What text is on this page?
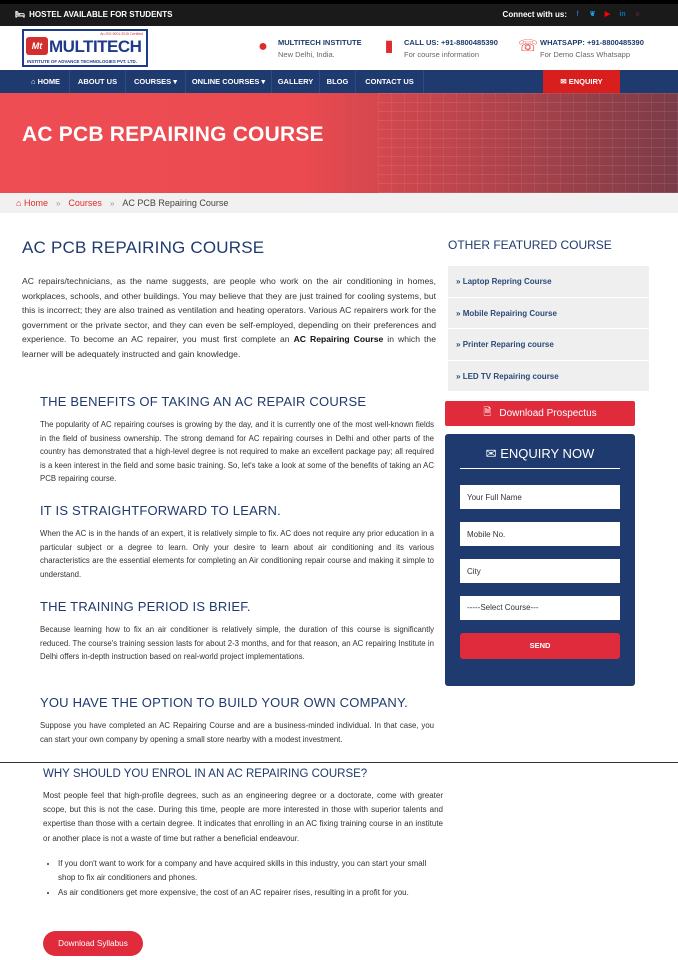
🛏 HOSTEL AVAILABLE FOR STUDENTS	Connect with us:	f	❦ ▶ in	○
An ISO 9001:2015 Certified
Mt MULTITECH
INSTITUTE OF ADVANCE TECHNOLOGIES PVT. LTD.
● MULTITECH INSTITUTE
New Delhi, India.	▮	CALL US: +91-8800485390
For course information	☏ WHATSAPP: +91-8800485390
For Demo Class Whatsapp
⌂ HOME	ABOUT US	COURSES ▾	ONLINE COURSES ▾	GALLERY	BLOG	CONTACT US	✉ ENQUIRY
AC PCB REPAIRING COURSE
⌂ Home » Courses » AC PCB Repairing Course
AC PCB REPAIRING COURSE

AC repairs/technicians, as the name suggests, are people who work on the air conditioning in homes, workplaces, schools, and other buildings. You may believe that they are just trained for cooling systems, but this is incorrect; they are also trained as ventilation and heating operators. Various AC repairers work for the government or the private sector, and they can even be self-employed, depending on their preferences and experience. To become an AC repairer, you must first complete an AC Repairing Course in which the learner will be adequately instructed and gain knowledge.

THE BENEFITS OF TAKING AN AC REPAIR COURSE

The popularity of AC repairing courses is growing by the day, and it is currently one of the most well-known fields in the field of business ownership. The strong demand for AC repairing courses in Delhi and other parts of the country has demonstrated that a high-level degree is not required to make an excellent package pay; all required is a keen interest in the field and some basic training. So, let's take a look at some of the benefits of taking an AC PCB repairing course.

IT IS STRAIGHTFORWARD TO LEARN.

When the AC is in the hands of an expert, it is relatively simple to fix. AC does not require any prior education in a particular subject or a degree to learn. Only your desire to learn about air conditioning and its various characteristics are the essential elements for completing an Air conditioning repair course and making it simple to understand.

THE TRAINING PERIOD IS BRIEF.

Because learning how to fix an air conditioner is relatively simple, the duration of this course is significantly reduced. The course's training session lasts for about 2-3 months, and for that reason, an AC repairing Institute in Delhi offers in-depth instruction based on real-world project implementations.

YOU HAVE THE OPTION TO BUILD YOUR OWN COMPANY.

Suppose you have completed an AC Repairing Course and are a business-minded individual. In that case, you can start your own company by opening a small store nearby with a modest investment.

OTHER FEATURED COURSE
» Laptop Repring Course
» Mobile Repairing Course
» Printer Reparing course
» LED TV Repairing course
🗎 Download Prospectus
✉ ENQUIRY NOW
Your Full Name
Mobile No.
City
-----Select Course---
SEND
WHY SHOULD YOU ENROL IN AN AC REPAIRING COURSE?

Most people feel that high-profile degrees, such as an engineering degree or a doctorate, come with greater scope, but this is not the case. During this time, people are more interested in those with superior talents and expertise than those with a certain degree. It indicates that enrolling in an AC fixing training course in an institute or another place is not a waste of time but rather a beneficial endeavour.

• If you don't want to work for a company and have acquired skills in this industry, you can start your small shop to fix air conditioners and phones.
• As air conditioners get more expensive, the cost of an AC repairer rises, resulting in a profit for you.
Download Syllabus
